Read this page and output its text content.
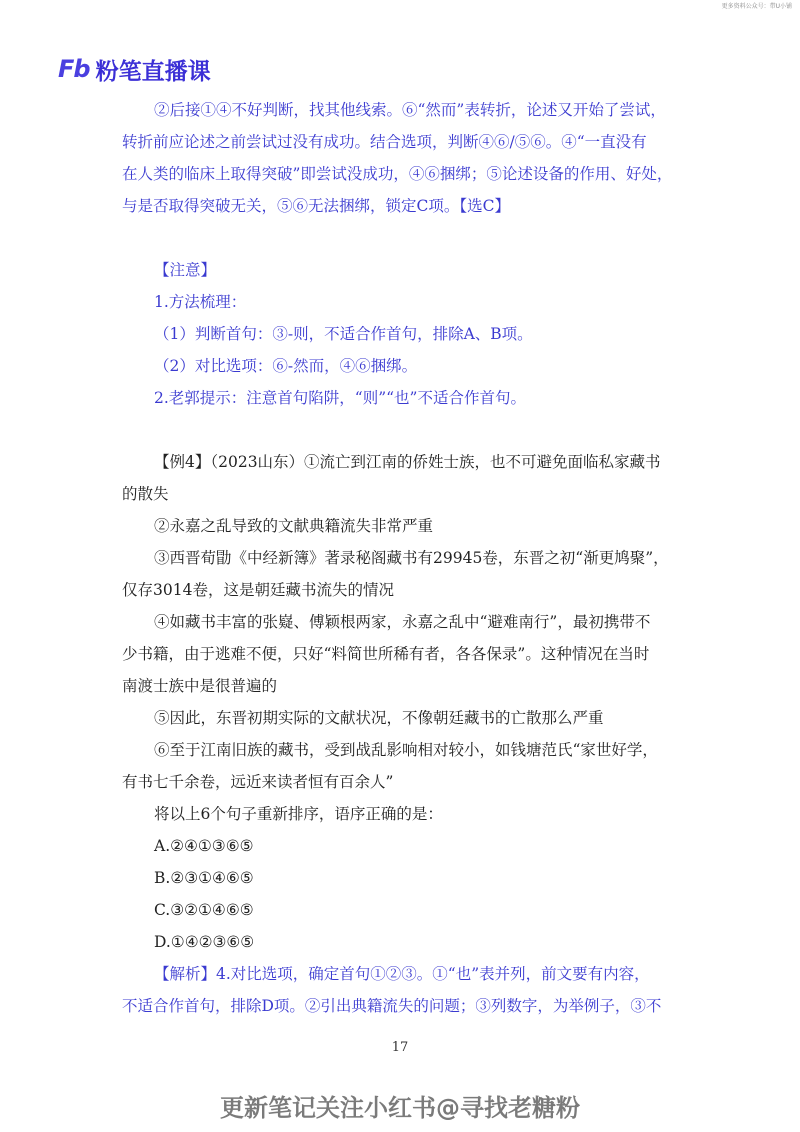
更多资料公众号：带U小铺
Fb 粉笔直播课

②后接①④不好判断，找其他线索。⑥“然而”表转折，论述又开始了尝试，

转折前应论述之前尝试过没有成功。结合选项，判断④⑥/⑤⑥。④“一直没有

在人类的临床上取得突破”即尝试没成功，④⑥捆绑；⑤论述设备的作用、好处，

与是否取得突破无关，⑤⑥无法捆绑，锁定C项。【选C】

【注意】

1.方法梳理：

（1）判断首句：③-则，不适合作首句，排除A、B项。

（2）对比选项：⑥-然而，④⑥捆绑。

2.老郭提示：注意首句陷阱，“则”“也”不适合作首句。

【例4】（2023山东）①流亡到江南的侨姓士族，也不可避免面临私家藏书

的散失

②永嘉之乱导致的文献典籍流失非常严重

③西晋荀勖《中经新簿》著录秘阁藏书有29945卷，东晋之初“渐更鸠聚”，

仅存3014卷，这是朝廷藏书流失的情况

④如藏书丰富的张嶷、傅颖根两家，永嘉之乱中“避难南行”，最初携带不

少书籍，由于逃难不便，只好“料简世所稀有者，各各保录”。这种情况在当时

南渡士族中是很普遍的

⑤因此，东晋初期实际的文献状况，不像朝廷藏书的亡散那么严重

⑥至于江南旧族的藏书，受到战乱影响相对较小，如钱塘范氏“家世好学，

有书七千余卷，远近来读者恒有百余人”

将以上6个句子重新排序，语序正确的是：

A.②④①③⑥⑤

B.②③①④⑥⑤

C.③②①④⑥⑤

D.①④②③⑥⑤

【解析】4.对比选项，确定首句①②③。①“也”表并列，前文要有内容，

不适合作首句，排除D项。②引出典籍流失的问题；③列数字，为举例子，③不

17
更新笔记关注小红书@寻找老糖粉
